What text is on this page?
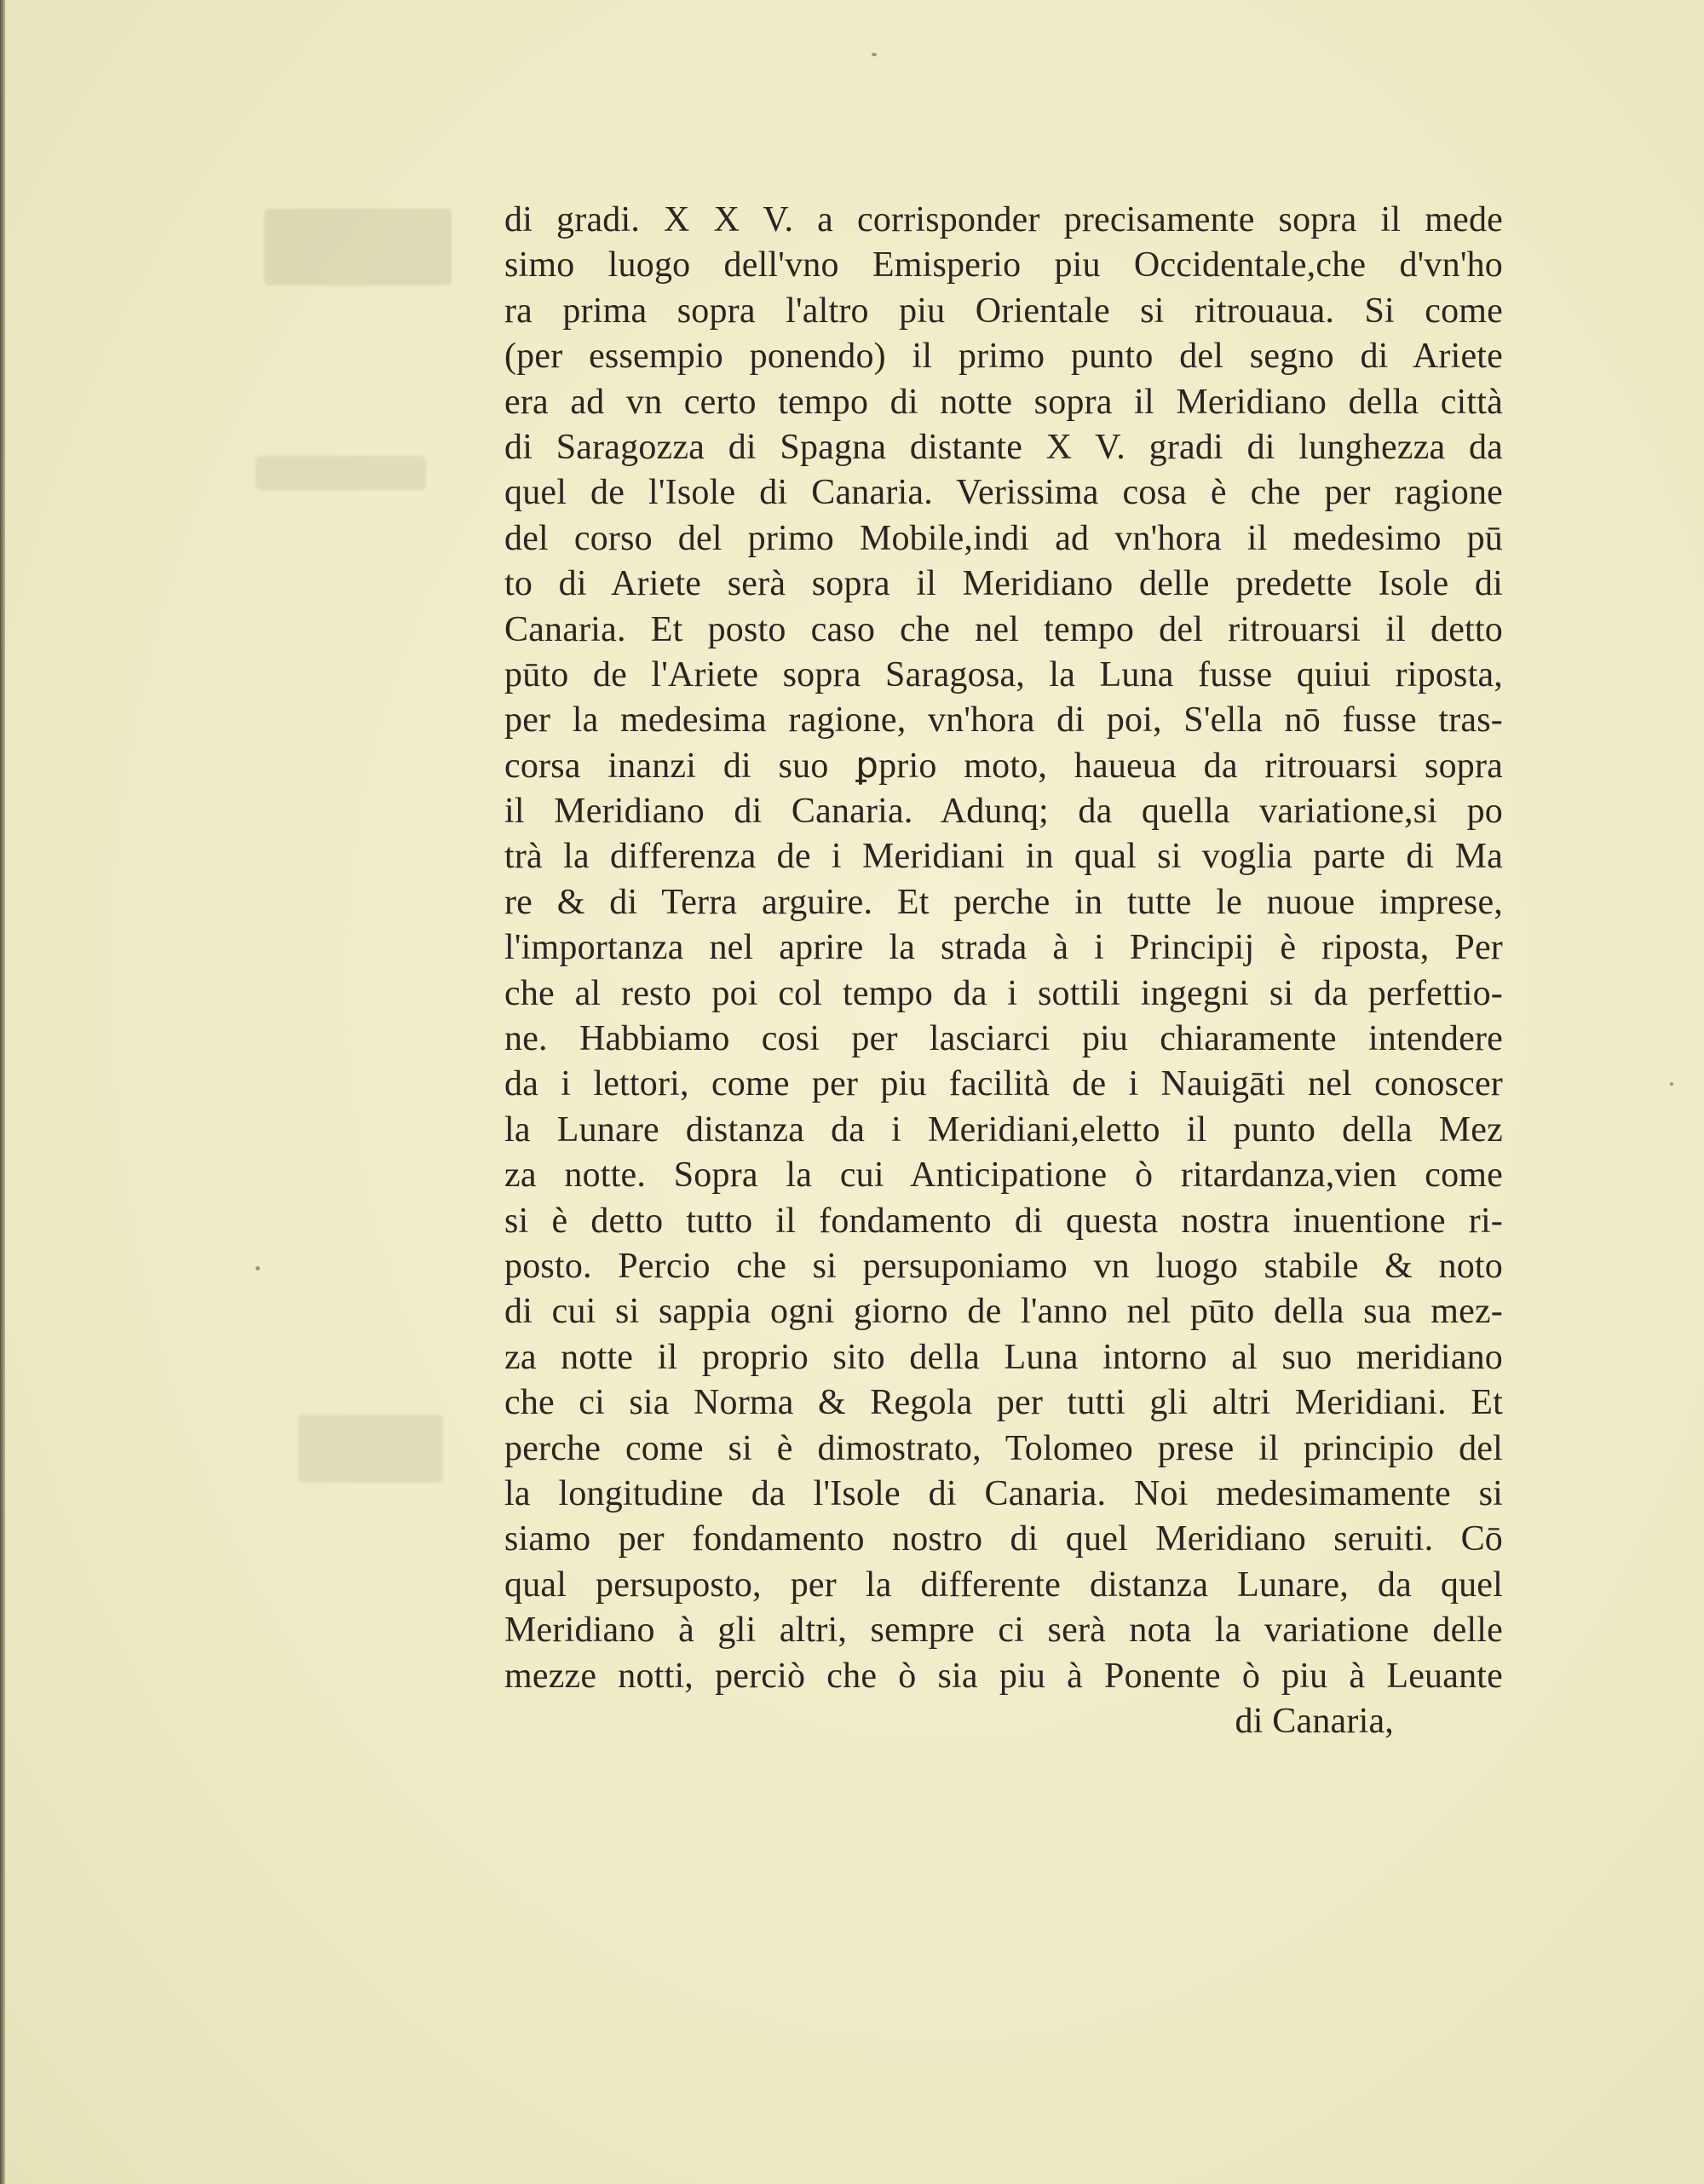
di gradi. X X V. a corrisponder precisamente sopra il mede
simo luogo dell'vno Emisperio piu Occidentale,che d'vn'ho
ra prima sopra l'altro piu Orientale si ritrouaua. Si come
(per essempio ponendo) il primo punto del segno di Ariete
era ad vn certo tempo di notte sopra il Meridiano della città
di Saragozza di Spagna distante X V. gradi di lunghezza da
quel de l'Isole di Canaria. Verissima cosa è che per ragione
del corso del primo Mobile,indi ad vn'hora il medesimo pū
to di Ariete serà sopra il Meridiano delle predette Isole di
Canaria. Et posto caso che nel tempo del ritrouarsi il detto
pūto de l'Ariete sopra Saragosa, la Luna fusse quiui riposta,
per la medesima ragione, vn'hora di poi, S'ella nō fusse tras-
corsa inanzi di suo ꝑprio moto, haueua da ritrouarsi sopra
il Meridiano di Canaria. Adunq; da quella variatione,si po
trà la differenza de i Meridiani in qual si voglia parte di Ma
re & di Terra arguire. Et perche in tutte le nuoue imprese,
l'importanza nel aprire la strada à i Principij è riposta, Per
che al resto poi col tempo da i sottili ingegni si da perfettio-
ne. Habbiamo cosi per lasciarci piu chiaramente intendere
da i lettori, come per piu facilità de i Nauigāti nel conoscer
la Lunare distanza da i Meridiani,eletto il punto della Mez
za notte. Sopra la cui Anticipatione ò ritardanza,vien come
si è detto tutto il fondamento di questa nostra inuentione ri-
posto. Percio che si persuponiamo vn luogo stabile & noto
di cui si sappia ogni giorno de l'anno nel pūto della sua mez-
za notte il proprio sito della Luna intorno al suo meridiano
che ci sia Norma & Regola per tutti gli altri Meridiani. Et
perche come si è dimostrato, Tolomeo prese il principio del
la longitudine da l'Isole di Canaria. Noi medesimamente si
siamo per fondamento nostro di quel Meridiano seruiti. Cō
qual persuposto, per la differente distanza Lunare, da quel
Meridiano à gli altri, sempre ci serà nota la variatione delle
mezze notti, perciò che ò sia piu à Ponente ò piu à Leuante
di Canaria,
